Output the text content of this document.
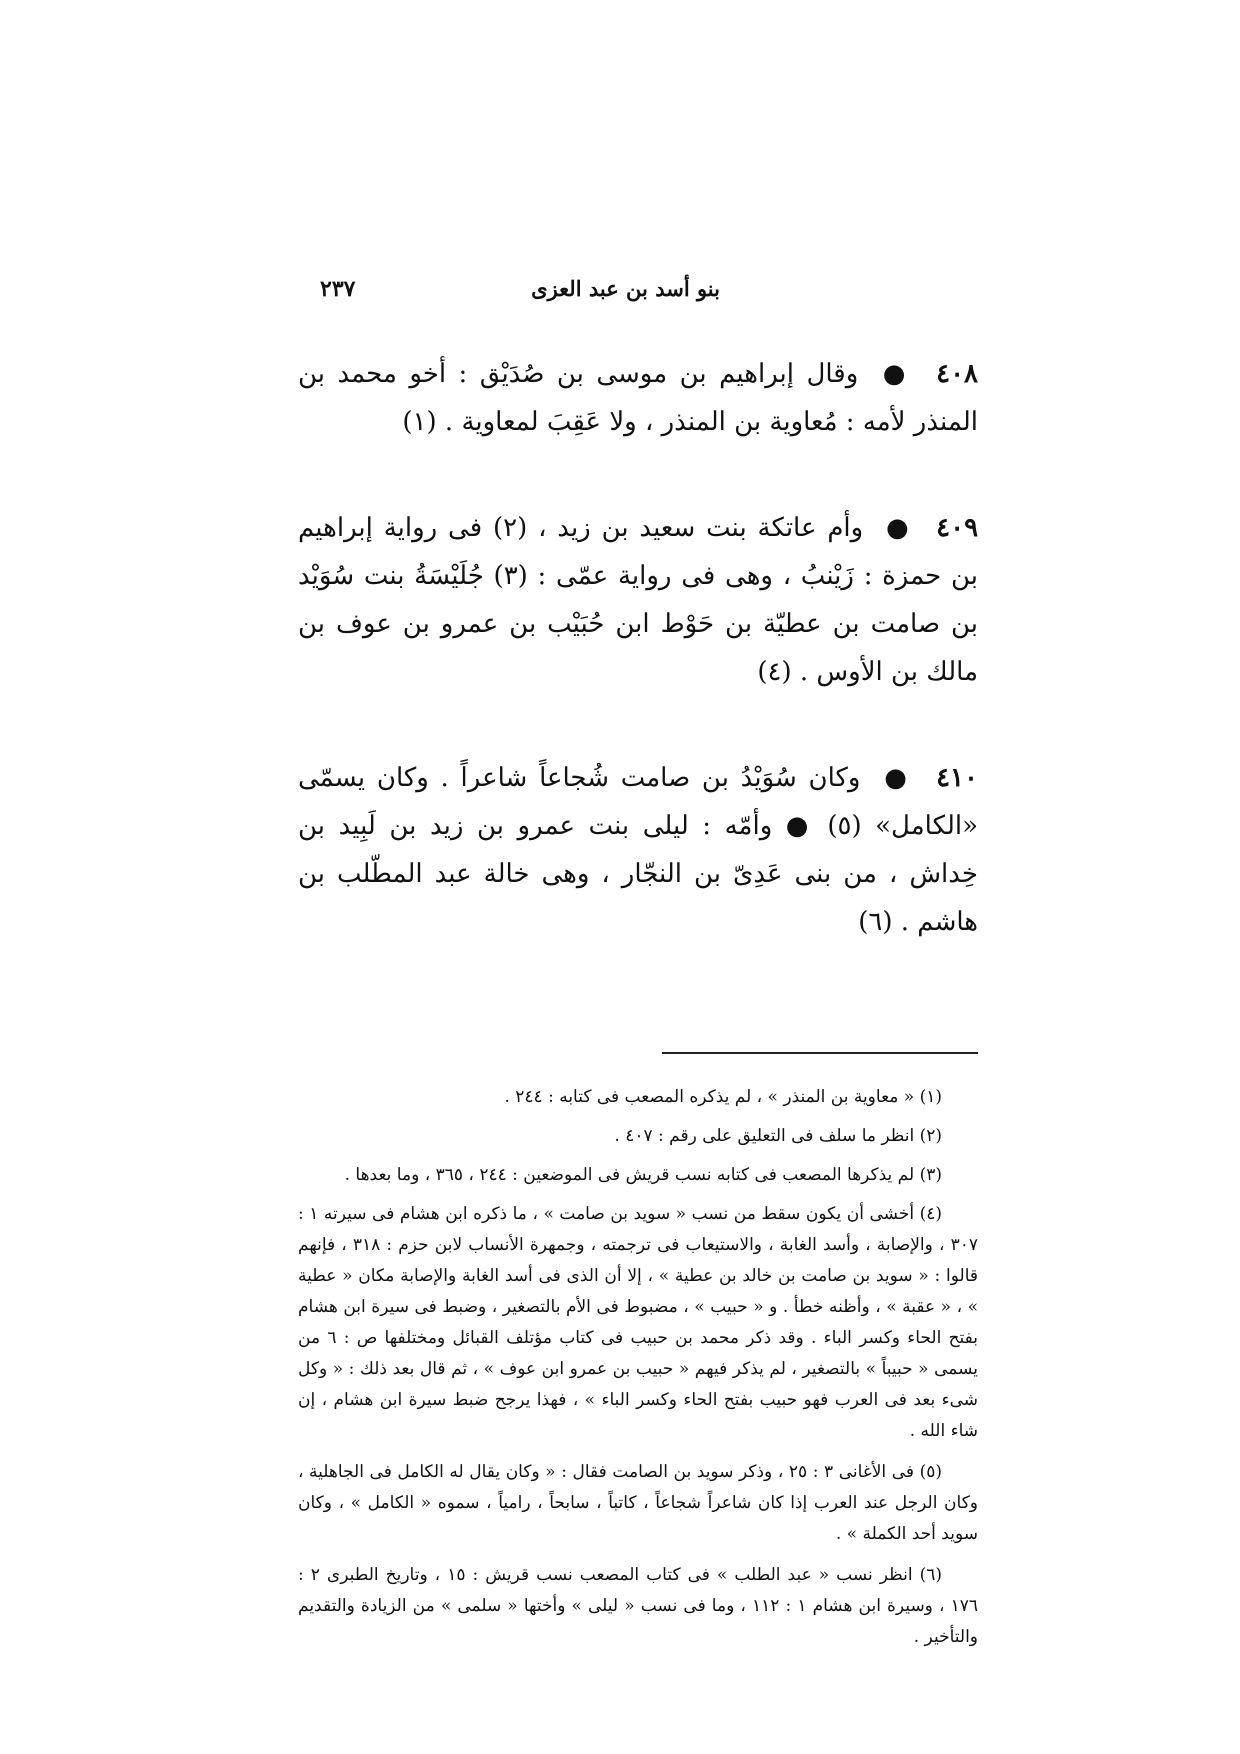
٢٣٧	بنو أسد بن عبد العزى

٤٠٨ ● وقال إبراهيم بن موسى بن صُدَيْق : أخو محمد بن المنذر لأمه : مُعاوية بن المنذر ، ولا عَقِبَ لمعاوية . (١)

٤٠٩ ● وأم عاتكة بنت سعيد بن زيد ، (٢) فى رواية إبراهيم بن حمزة : زَيْنبُ ، وهى فى رواية عمّى : (٣) جُلَيْسَةُ بنت سُوَيْد بن صامت بن عطيّة بن حَوْط ابن حُبَيْب بن عمرو بن عوف بن مالك بن الأوس . (٤)

٤١٠ ● وكان سُوَيْدُ بن صامت شُجاعاً شاعراً . وكان يسمّى «الكامل» (٥) ● وأمّه : ليلى بنت عمرو بن زيد بن لَبِيد بن خِداش ، من بنى عَدِىّ بن النجّار ، وهى خالة عبد المطّلب بن هاشم . (٦)

(١) « معاوية بن المنذر » ، لم يذكره المصعب فى كتابه : ٢٤٤ .

(٢) انظر ما سلف فى التعليق على رقم : ٤٠٧ .

(٣) لم يذكرها المصعب فى كتابه نسب قريش فى الموضعين : ٢٤٤ ، ٣٦٥ ، وما بعدها .

(٤) أخشى أن يكون سقط من نسب « سويد بن صامت » ، ما ذكره ابن هشام فى سيرته ١ : ٣٠٧ ، والإصابة ، وأسد الغابة ، والاستيعاب فى ترجمته ، وجمهرة الأنساب لابن حزم : ٣١٨ ، فإنهم قالوا : « سويد بن صامت بن خالد بن عطية » ، إلا أن الذى فى أسد الغابة والإصابة مكان « عطية » ، « عقبة » ، وأظنه خطأ . و « حبيب » ، مضبوط فى الأم بالتصغير ، وضبط فى سيرة ابن هشام بفتح الحاء وكسر الباء . وقد ذكر محمد بن حبيب فى كتاب مؤتلف القبائل ومختلفها ص : ٦ من يسمى « حبيباً » بالتصغير ، لم يذكر فيهم « حبيب بن عمرو ابن عوف » ، ثم قال بعد ذلك : « وكل شىء بعد فى العرب فهو حبيب بفتح الحاء وكسر الباء » ، فهذا يرجح ضبط سيرة ابن هشام ، إن شاء الله .

(٥) فى الأغانى ٣ : ٢٥ ، وذكر سويد بن الصامت فقال : « وكان يقال له الكامل فى الجاهلية ، وكان الرجل عند العرب إذا كان شاعراً شجاعاً ، كاتباً ، سابحاً ، رامياً ، سموه « الكامل » ، وكان سويد أحد الكملة » .

(٦) انظر نسب « عبد الطلب » فى كتاب المصعب نسب قريش : ١٥ ، وتاريخ الطبرى ٢ : ١٧٦ ، وسيرة ابن هشام ١ : ١١٢ ، وما فى نسب « ليلى » وأختها « سلمى » من الزيادة والتقديم والتأخير .
